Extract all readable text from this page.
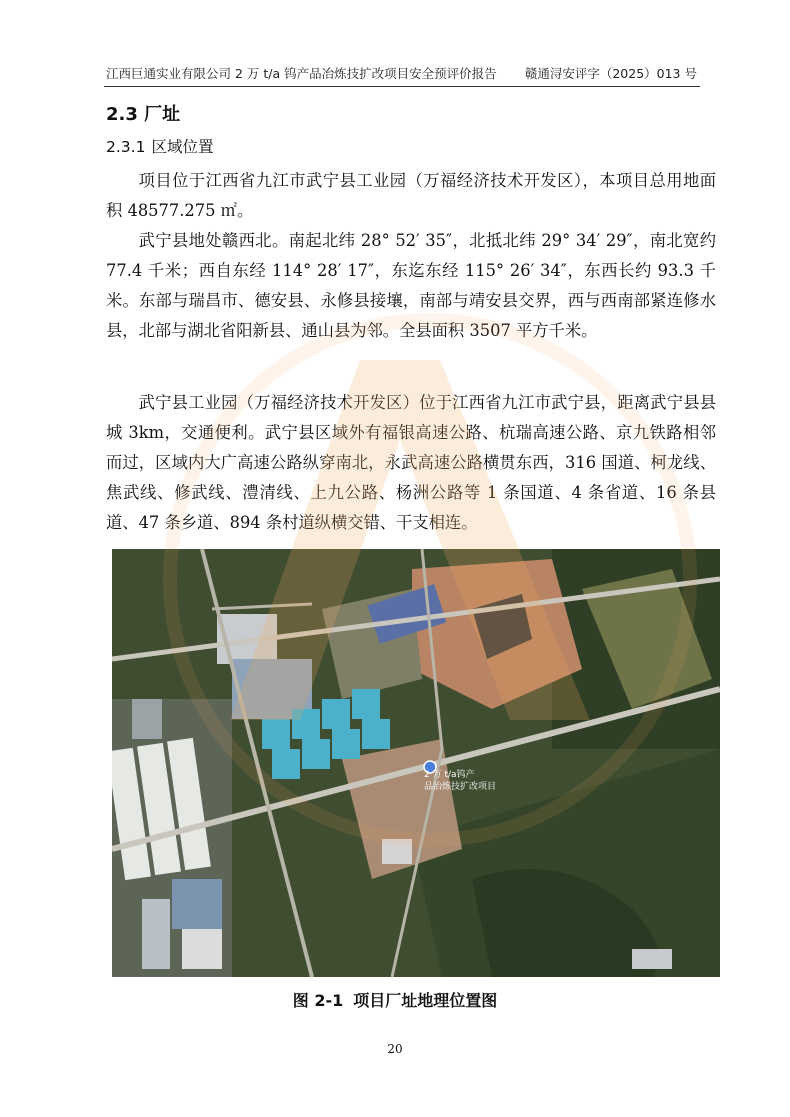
江西巨通实业有限公司 2 万 t/a 钨产品冶炼技扩改项目安全预评价报告 赣通浔安评字（2025）013 号
2.3 厂址
2.3.1 区域位置

项目位于江西省九江市武宁县工业园（万福经济技术开发区），本项目总用地面积 48577.275 ㎡。

武宁县地处赣西北。南起北纬 28° 52′ 35″，北抵北纬 29° 34′ 29″，南北宽约 77.4 千米；西自东经 114° 28′ 17″，东迄东经 115° 26′ 34″，东西长约 93.3 千米。东部与瑞昌市、德安县、永修县接壤，南部与靖安县交界，西与西南部紧连修水县，北部与湖北省阳新县、通山县为邻。全县面积 3507 平方千米。

武宁县工业园（万福经济技术开发区）位于江西省九江市武宁县，距离武宁县县城 3km，交通便利。武宁县区域外有福银高速公路、杭瑞高速公路、京九铁路相邻而过，区域内大广高速公路纵穿南北，永武高速公路横贯东西，316 国道、柯龙线、焦武线、修武线、澧清线、上九公路、杨洲公路等 1 条国道、4 条省道、16 条县道、47 条乡道、894 条村道纵横交错、干支相连。

2 万 t/a钨产
品冶炼技扩改项目
图 2-1 项目厂址地理位置图
20
